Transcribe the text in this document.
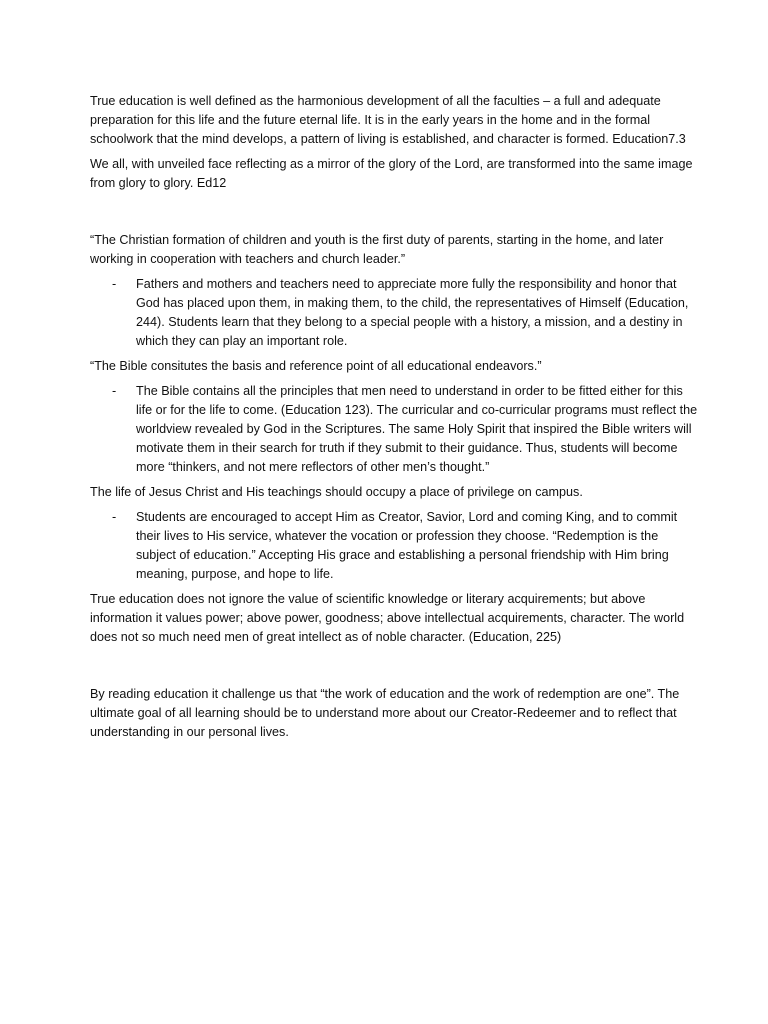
True education is well defined as the harmonious development of all the faculties – a full and adequate preparation for this life and the future eternal life. It is in the early years in the home and in the formal schoolwork that the mind develops, a pattern of living is established, and character is formed. Education7.3

We all, with unveiled face reflecting as a mirror of the glory of the Lord, are transformed into the same image from glory to glory. Ed12

“The Christian formation of children and youth is the first duty of parents, starting in the home, and later working in cooperation with teachers and church leader.”

-	Fathers and mothers and teachers need to appreciate more fully the responsibility and honor that God has placed upon them, in making them, to the child, the representatives of Himself (Education, 244). Students learn that they belong to a special people with a history, a mission, and a destiny in which they can play an important role.

“The Bible consitutes the basis and reference point of all educational endeavors.”

-	The Bible contains all the principles that men need to understand in order to be fitted either for this life or for the life to come. (Education 123). The curricular and co-curricular programs must reflect the worldview revealed by God in the Scriptures. The same Holy Spirit that inspired the Bible writers will motivate them in their search for truth if they submit to their guidance. Thus, students will become more “thinkers, and not mere reflectors of other men’s thought.”

The life of Jesus Christ and His teachings should occupy a place of privilege on campus.

-	Students are encouraged to accept Him as Creator, Savior, Lord and coming King, and to commit their lives to His service, whatever the vocation or profession they choose. “Redemption is the subject of education.” Accepting His grace and establishing a personal friendship with Him bring meaning, purpose, and hope to life.

True education does not ignore the value of scientific knowledge or literary acquirements; but above information it values power; above power, goodness; above intellectual acquirements, character. The world does not so much need men of great intellect as of noble character. (Education, 225)

By reading education it challenge us that “the work of education and the work of redemption are one”. The ultimate goal of all learning should be to understand more about our Creator-Redeemer and to reflect that understanding in our personal lives.
